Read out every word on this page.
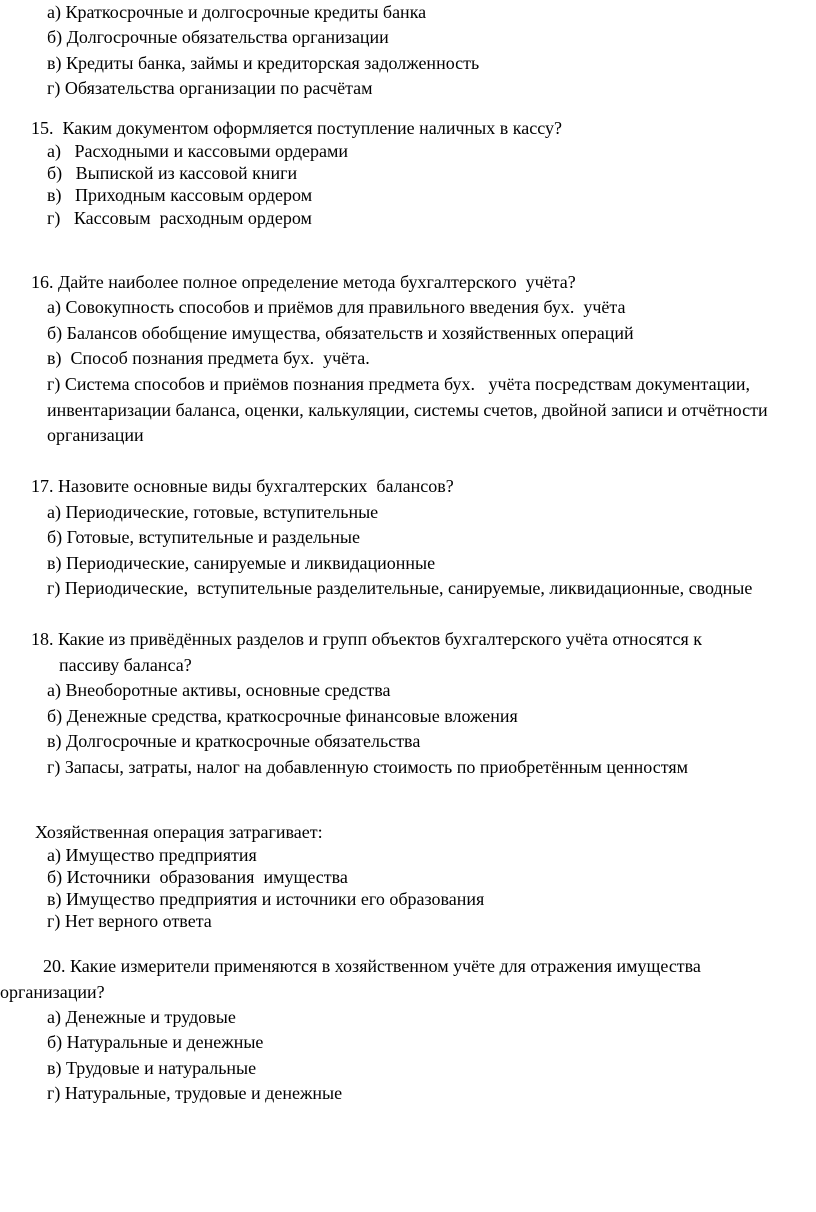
а) Краткосрочные и долгосрочные кредиты банка
б) Долгосрочные обязательства организации
в) Кредиты банка, займы и кредиторская задолженность
г) Обязательства организации по расчётам
15.  Каким документом оформляется поступление наличных в кассу?
а)   Расходными и кассовыми ордерами
б)   Выпиской из кассовой книги
в)   Приходным кассовым ордером
г)   Кассовым  расходным ордером
16. Дайте наиболее полное определение метода бухгалтерского  учёта?
а) Совокупность способов и приёмов для правильного введения бух.  учёта
б) Балансов обобщение имущества, обязательств и хозяйственных операций
в)  Способ познания предмета бух.  учёта.
г) Система способов и приёмов познания предмета бух.   учёта посредствам документации,
инвентаризации баланса, оценки, калькуляции, системы счетов, двойной записи и отчётности
организации
17. Назовите основные виды бухгалтерских  балансов?
а) Периодические, готовые, вступительные
б) Готовые, вступительные и раздельные
в) Периодические, санируемые и ликвидационные
г) Периодические,  вступительные разделительные, санируемые, ликвидационные, сводные
18. Какие из привёдённых разделов и групп объектов бухгалтерского учёта относятся к
пассиву баланса?
а) Внеоборотные активы, основные средства
б) Денежные средства, краткосрочные финансовые вложения
в) Долгосрочные и краткосрочные обязательства
г) Запасы, затраты, налог на добавленную стоимость по приобретённым ценностям
Хозяйственная операция затрагивает:
а) Имущество предприятия
б) Источники  образования  имущества
в) Имущество предприятия и источники его образования
г) Нет верного ответа
20. Какие измерители применяются в хозяйственном учёте для отражения имущества
организации?
а) Денежные и трудовые
б) Натуральные и денежные
в) Трудовые и натуральные
г) Натуральные, трудовые и денежные
